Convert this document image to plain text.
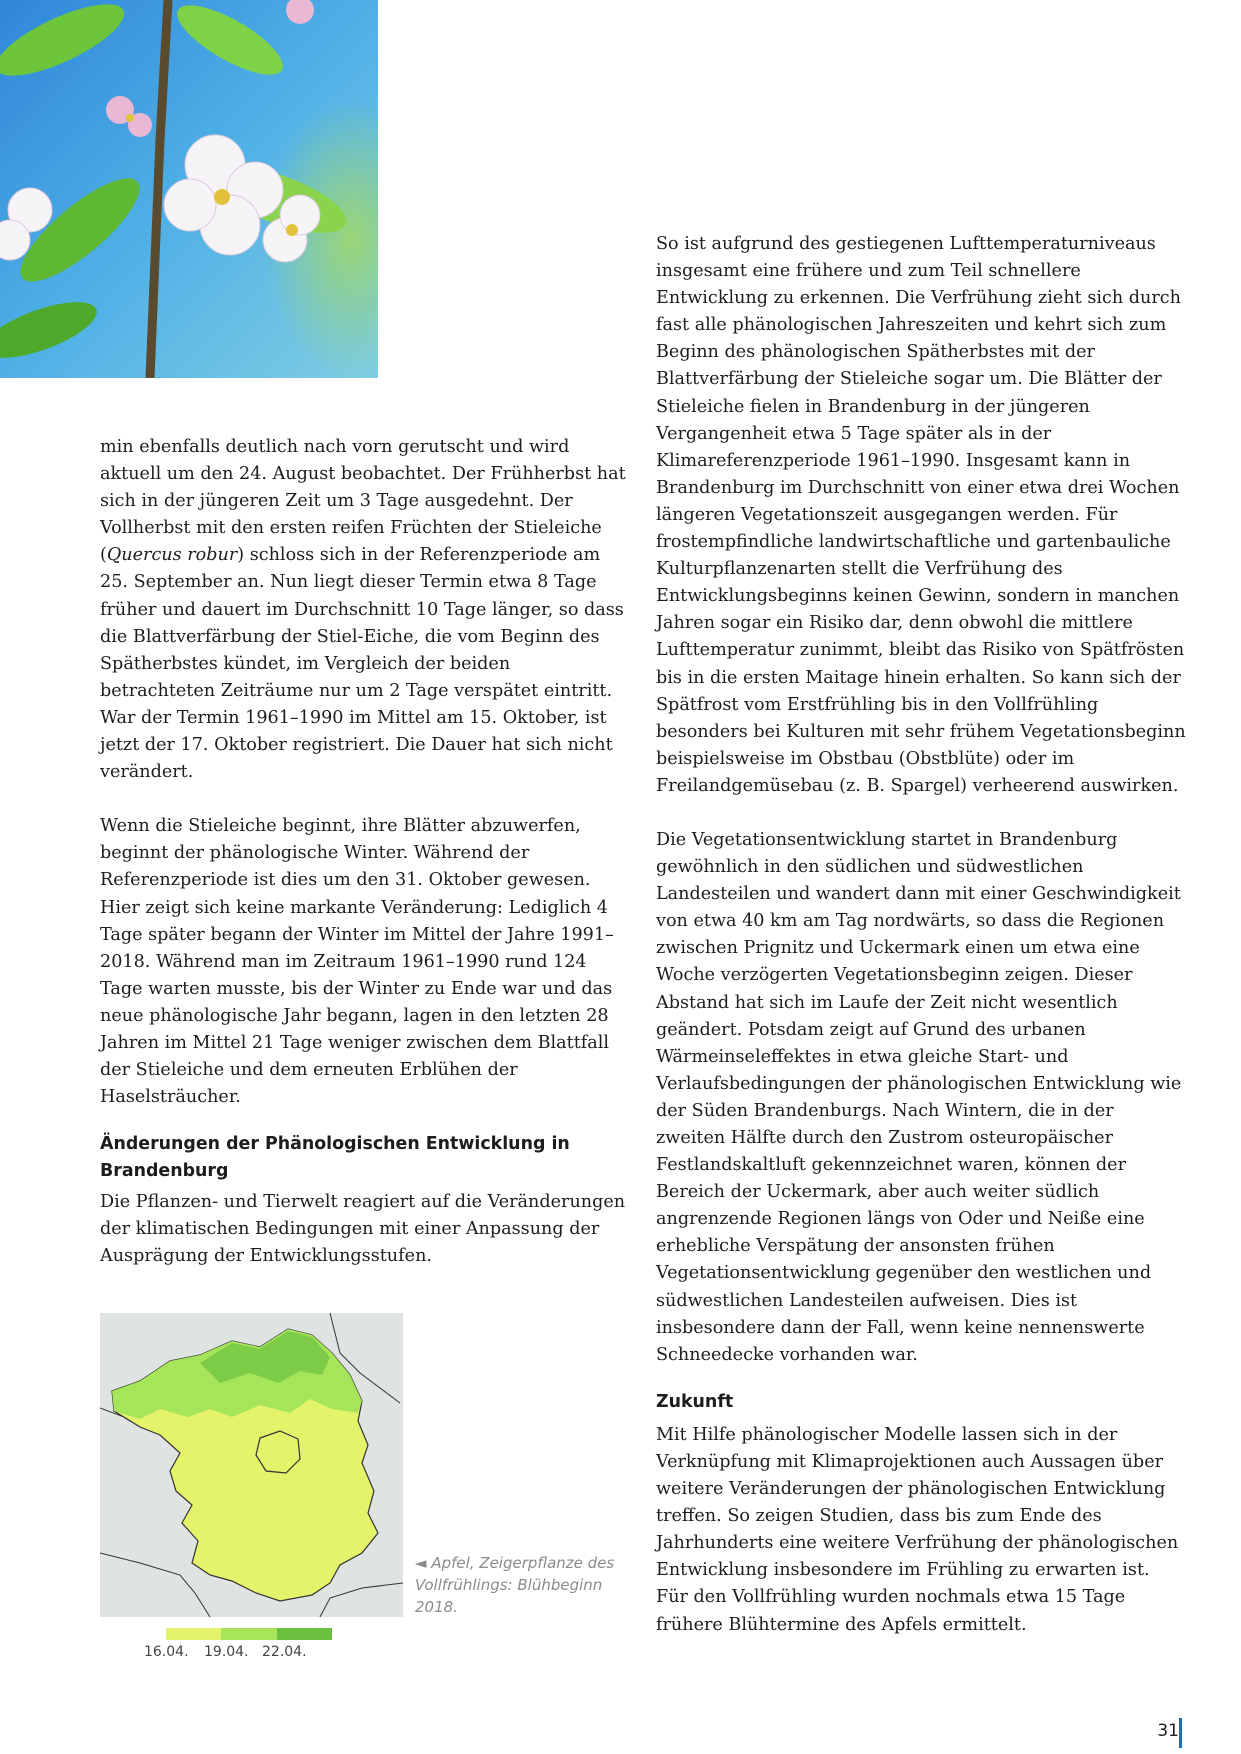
min ebenfalls deutlich nach vorn gerutscht und wird aktuell um den 24. August beobachtet. Der Frühherbst hat sich in der jüngeren Zeit um 3 Tage ausgedehnt. Der Vollherbst mit den ersten reifen Früchten der Stieleiche (Quercus robur) schloss sich in der Referenzperiode am 25. September an. Nun liegt dieser Termin etwa 8 Tage früher und dauert im Durchschnitt 10 Tage länger, so dass die Blattverfärbung der Stiel-Eiche, die vom Beginn des Spätherbstes kündet, im Vergleich der beiden betrachteten Zeiträume nur um 2 Tage verspätet eintritt. War der Termin 1961–1990 im Mittel am 15. Oktober, ist jetzt der 17. Oktober registriert. Die Dauer hat sich nicht verändert.

Wenn die Stieleiche beginnt, ihre Blätter abzuwerfen, beginnt der phänologische Winter. Während der Referenzperiode ist dies um den 31. Oktober gewesen. Hier zeigt sich keine markante Veränderung: Lediglich 4 Tage später begann der Winter im Mittel der Jahre 1991–2018. Während man im Zeitraum 1961–1990 rund 124 Tage warten musste, bis der Winter zu Ende war und das neue phänologische Jahr begann, lagen in den letzten 28 Jahren im Mittel 21 Tage weniger zwischen dem Blattfall der Stieleiche und dem erneuten Erblühen der Haselsträucher.

Änderungen der Phänologischen Entwicklung in Brandenburg

Die Pflanzen- und Tierwelt reagiert auf die Veränderungen der klimatischen Bedingungen mit einer Anpassung der Ausprägung der Entwicklungsstufen.

So ist aufgrund des gestiegenen Lufttemperaturniveaus insgesamt eine frühere und zum Teil schnellere Entwicklung zu erkennen. Die Verfrühung zieht sich durch fast alle phänologischen Jahreszeiten und kehrt sich zum Beginn des phänologischen Spätherbstes mit der Blattverfärbung der Stieleiche sogar um. Die Blätter der Stieleiche fielen in Brandenburg in der jüngeren Vergangenheit etwa 5 Tage später als in der Klimareferenzperiode 1961–1990. Insgesamt kann in Brandenburg im Durchschnitt von einer etwa drei Wochen längeren Vegetationszeit ausgegangen werden. Für frostempfindliche landwirtschaftliche und gartenbauliche Kulturpflanzenarten stellt die Verfrühung des Entwicklungsbeginns keinen Gewinn, sondern in manchen Jahren sogar ein Risiko dar, denn obwohl die mittlere Lufttemperatur zunimmt, bleibt das Risiko von Spätfrösten bis in die ersten Maitage hinein erhalten. So kann sich der Spätfrost vom Erstfrühling bis in den Vollfrühling besonders bei Kulturen mit sehr frühem Vegetationsbeginn beispielsweise im Obstbau (Obstblüte) oder im Freilandgemüsebau (z. B. Spargel) verheerend auswirken.

Die Vegetationsentwicklung startet in Brandenburg gewöhnlich in den südlichen und südwestlichen Landesteilen und wandert dann mit einer Geschwindigkeit von etwa 40 km am Tag nordwärts, so dass die Regionen zwischen Prignitz und Uckermark einen um etwa eine Woche verzögerten Vegetationsbeginn zeigen. Dieser Abstand hat sich im Laufe der Zeit nicht wesentlich geändert. Potsdam zeigt auf Grund des urbanen Wärmeinseleffektes in etwa gleiche Start- und Verlaufsbedingungen der phänologischen Entwicklung wie der Süden Brandenburgs. Nach Wintern, die in der zweiten Hälfte durch den Zustrom osteuropäischer Festlandskaltluft gekennzeichnet waren, können der Bereich der Uckermark, aber auch weiter südlich angrenzende Regionen längs von Oder und Neiße eine erhebliche Verspätung der ansonsten frühen Vegetationsentwicklung gegenüber den westlichen und südwestlichen Landesteilen aufweisen. Dies ist insbesondere dann der Fall, wenn keine nennenswerte Schneedecke vorhanden war.

Zukunft

Mit Hilfe phänologischer Modelle lassen sich in der Verknüpfung mit Klimaprojektionen auch Aussagen über weitere Veränderungen der phänologischen Entwicklung treffen. So zeigen Studien, dass bis zum Ende des Jahrhunderts eine weitere Verfrühung der phänologischen Entwicklung insbesondere im Frühling zu erwarten ist. Für den Vollfrühling wurden nochmals etwa 15 Tage frühere Blühtermine des Apfels ermittelt.

◄ Apfel, Zeigerpflanze des Vollfrühlings: Blühbeginn 2018.
16.04. 19.04. 22.04.
31
